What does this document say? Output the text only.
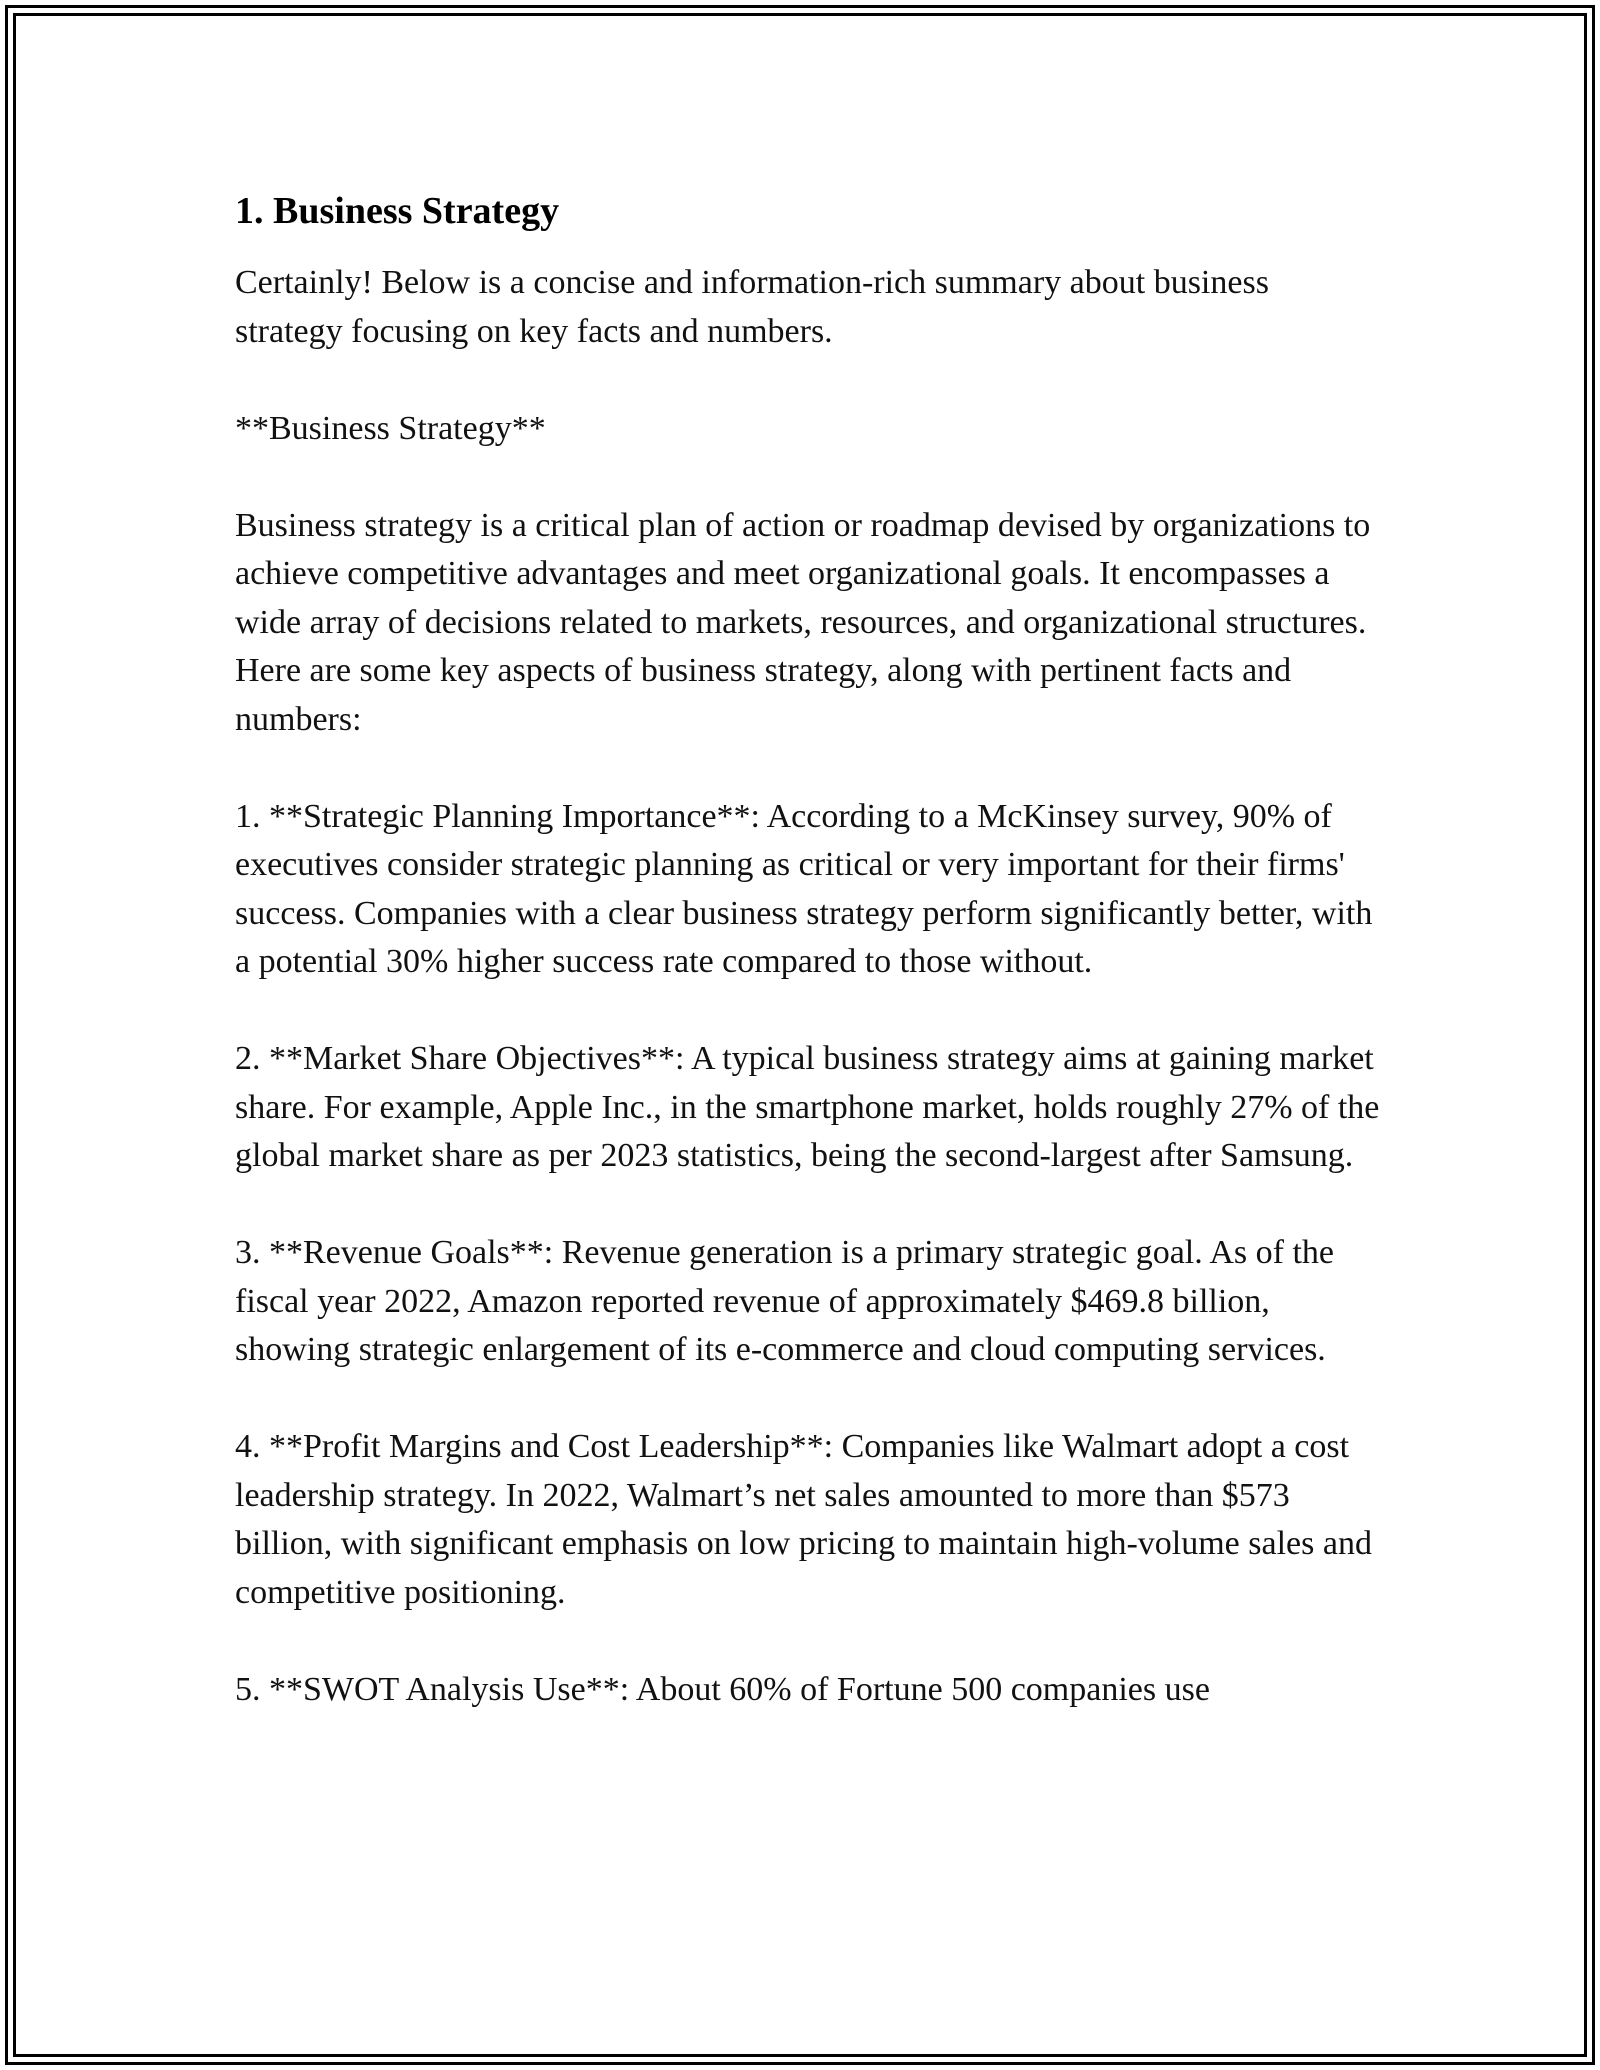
1. Business Strategy

Certainly! Below is a concise and information-rich summary about business strategy focusing on key facts and numbers.

**Business Strategy**

Business strategy is a critical plan of action or roadmap devised by organizations to achieve competitive advantages and meet organizational goals. It encompasses a wide array of decisions related to markets, resources, and organizational structures. Here are some key aspects of business strategy, along with pertinent facts and numbers:

1. **Strategic Planning Importance**: According to a McKinsey survey, 90% of executives consider strategic planning as critical or very important for their firms' success. Companies with a clear business strategy perform significantly better, with a potential 30% higher success rate compared to those without.

2. **Market Share Objectives**: A typical business strategy aims at gaining market share. For example, Apple Inc., in the smartphone market, holds roughly 27% of the global market share as per 2023 statistics, being the second-largest after Samsung.

3. **Revenue Goals**: Revenue generation is a primary strategic goal. As of the fiscal year 2022, Amazon reported revenue of approximately $469.8 billion, showing strategic enlargement of its e-commerce and cloud computing services.

4. **Profit Margins and Cost Leadership**: Companies like Walmart adopt a cost leadership strategy. In 2022, Walmart’s net sales amounted to more than $573 billion, with significant emphasis on low pricing to maintain high-volume sales and competitive positioning.

5. **SWOT Analysis Use**: About 60% of Fortune 500 companies use
